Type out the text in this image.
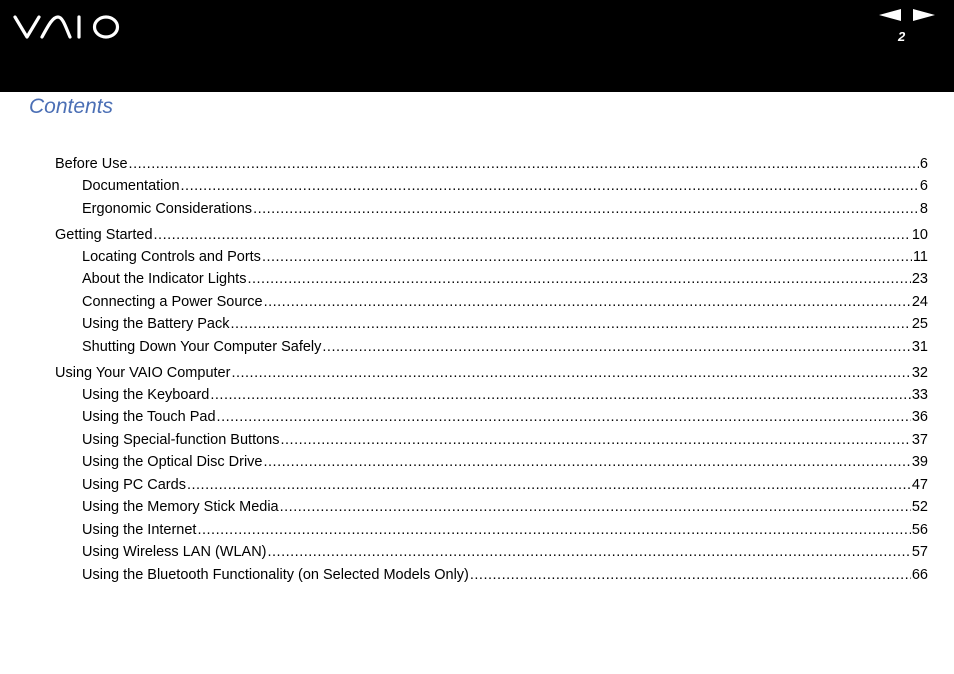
2
Contents
Before Use .....	6
Documentation .....	6
Ergonomic Considerations .....	8
Getting Started .....	10
Locating Controls and Ports .....	11
About the Indicator Lights .....	23
Connecting a Power Source .....	24
Using the Battery Pack .....	25
Shutting Down Your Computer Safely .....	31
Using Your VAIO Computer .....	32
Using the Keyboard .....	33
Using the Touch Pad .....	36
Using Special-function Buttons .....	37
Using the Optical Disc Drive .....	39
Using PC Cards .....	47
Using the Memory Stick Media .....	52
Using the Internet .....	56
Using Wireless LAN (WLAN) .....	57
Using the Bluetooth Functionality (on Selected Models Only) .....	66
